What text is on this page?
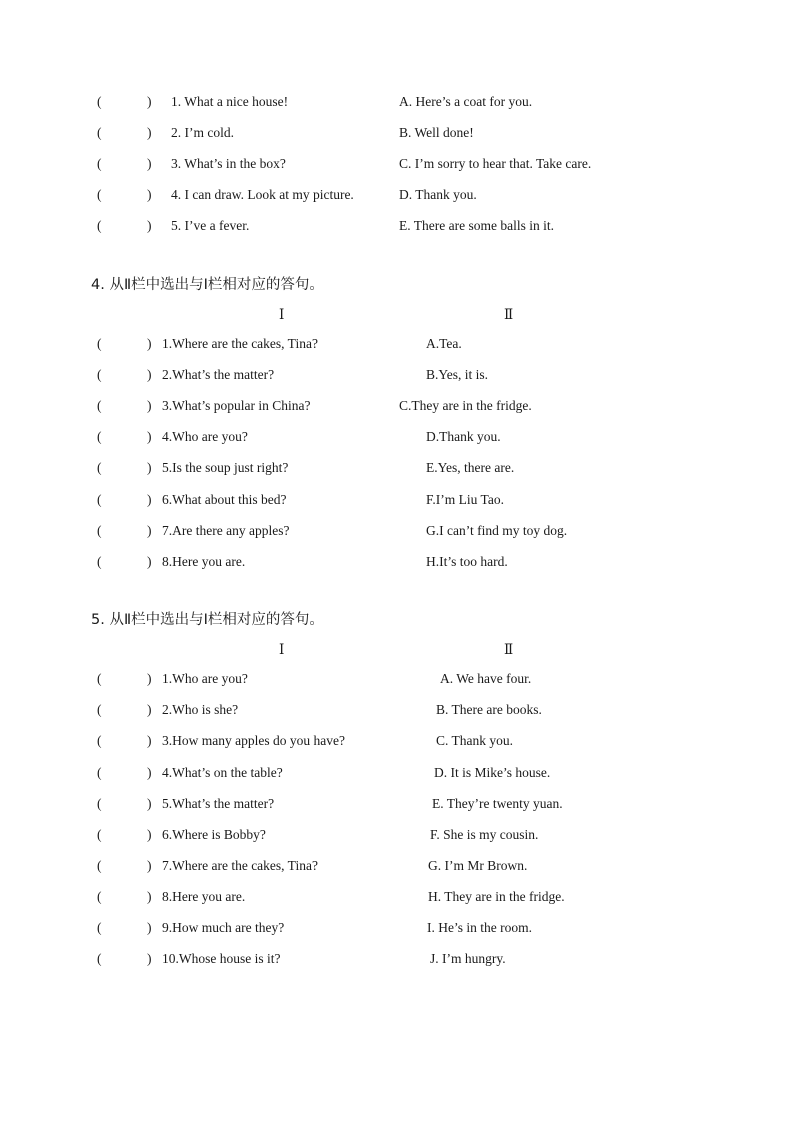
(	) 1. What a nice house!	A. Here’s a coat for you.
(	) 2. I’m cold.	B. Well done!
(	) 3. What’s in the box?	C. I’m sorry to hear that. Take care.
(	) 4. I can draw. Look at my picture.	D. Thank you.
(	) 5. I’ve a fever.	E. There are some balls in it.
4. 从Ⅱ栏中选出与Ⅰ栏相对应的答句。
Ⅰ	Ⅱ
(	) 1.Where are the cakes, Tina?	A.Tea.
(	) 2.What’s the matter?	B.Yes, it is.
(	) 3.What’s popular in China?	C.They are in the fridge.
(	) 4.Who are you?	D.Thank you.
(	) 5.Is the soup just right?	E.Yes, there are.
(	) 6.What about this bed?	F.I’m Liu Tao.
(	) 7.Are there any apples?	G.I can’t find my toy dog.
(	) 8.Here you are.	H.It’s too hard.
5. 从Ⅱ栏中选出与Ⅰ栏相对应的答句。
Ⅰ	Ⅱ
(	) 1.Who are you?	A. We have four.
(	) 2.Who is she?	B. There are books.
(	) 3.How many apples do you have?	C. Thank you.
(	) 4.What’s on the table?	D. It is Mike’s house.
(	) 5.What’s the matter?	E. They’re twenty yuan.
(	) 6.Where is Bobby?	F. She is my cousin.
(	) 7.Where are the cakes, Tina?	G. I’m Mr Brown.
(	) 8.Here you are.	H. They are in the fridge.
(	) 9.How much are they?	I. He’s in the room.
(	) 10.Whose house is it?	J. I’m hungry.
